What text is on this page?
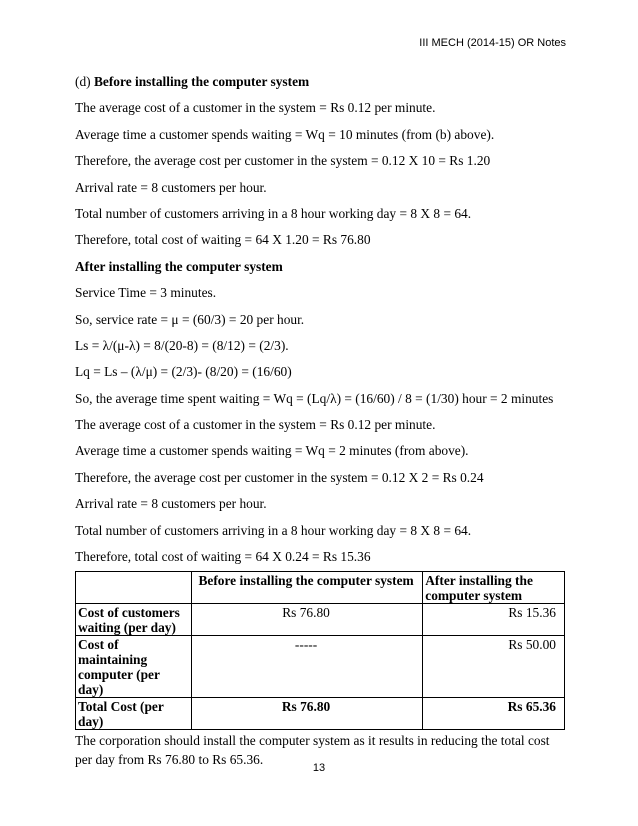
III MECH (2014-15) OR Notes
(d) Before installing the computer system
The average cost of a customer in the system = Rs 0.12 per minute.
Average time a customer spends waiting = Wq = 10 minutes (from (b) above).
Therefore, the average cost per customer in the system = 0.12 X 10 = Rs 1.20
Arrival rate = 8 customers per hour.
Total number of customers arriving in a 8 hour working day = 8 X 8 = 64.
Therefore, total cost of waiting = 64 X 1.20 = Rs 76.80
After installing the computer system
Service Time = 3 minutes.
So, service rate = μ = (60/3) = 20 per hour.
Ls = λ/(μ-λ) = 8/(20-8) = (8/12) = (2/3).
Lq = Ls – (λ/μ) = (2/3)- (8/20) = (16/60)
So, the average time spent waiting = Wq = (Lq/λ) = (16/60) / 8 = (1/30) hour = 2 minutes
The average cost of a customer in the system = Rs 0.12 per minute.
Average time a customer spends waiting = Wq = 2 minutes (from above).
Therefore, the average cost per customer in the system = 0.12 X 2 = Rs 0.24
Arrival rate = 8 customers per hour.
Total number of customers arriving in a 8 hour working day = 8 X 8 = 64.
Therefore, total cost of waiting = 64 X 0.24 = Rs 15.36
	Before installing the computer system	After installing the computer system
Cost of customers waiting (per day)	Rs 76.80	Rs 15.36
Cost of maintaining computer (per day)	-----	Rs 50.00
Total Cost (per day)	Rs 76.80	Rs 65.36
The corporation should install the computer system as it results in reducing the total cost per day from Rs 76.80 to Rs 65.36.
13
